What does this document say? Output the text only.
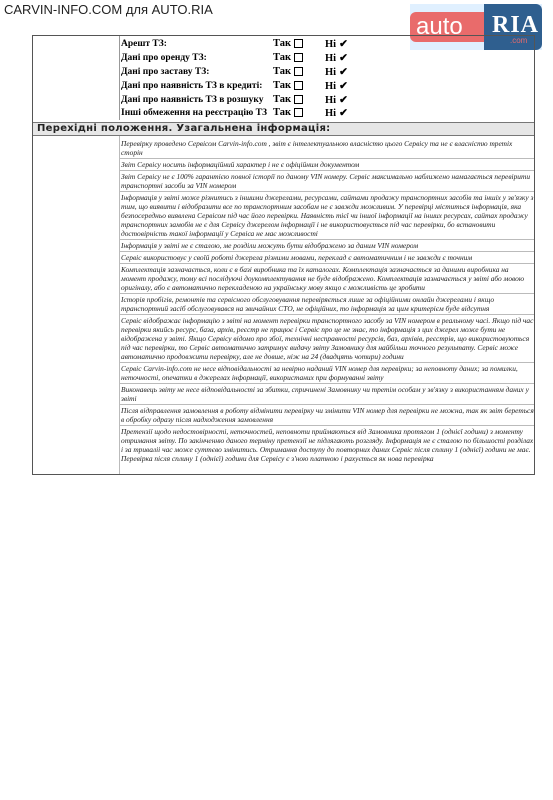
CARVIN-INFO.COM для AUTO.RIA
auto RIA
.com
Арешт ТЗ:	Так	Ні ✔
Дані про оренду ТЗ:	Так	Ні ✔
Дані про заставу ТЗ:	Так	Ні ✔
Дані про наявність ТЗ в кредиті: Так	Ні ✔
Дані про наявність ТЗ в розшуку Так	Ні ✔
Інші обмеження на реєстрацію ТЗ Так	Ні ✔
Перехідні положення. Узагальнена інформація:
Перевірку проведено Сервісом Carvin-info.com , звіт є інтелектуальною власністю цього Сервісу та не є власністю третіх сторін
Звіт Сервісу носить інформаційний характер і не є офіційним документом
Звіт Сервісу не є 100% гарантією повної історії по даному VIN номеру. Сервіс максимально наближено намагається перевірити транспортні засоби за VIN номером
Інформація у звіті може різнитись з іншими джерелами, ресурсами, сайтами продажу транспортних засобів та іншіх у зв'язку з тим, що виявити і відобразити все по транспортним засобам не є завжди можливим. У перевірці міститься інформація, яка безпосередньо виявлена Сервісом під час його перевірки. Наявність тієї чи іншої інформації на інших ресурсах, сайтах продажу транспортних замобів не є для Сервісу джерелом інформації і не використовується під час перевірки, бо встановити достовірність такої інформації у Сервіса не має можливості
Інформація у звіті не є сталою, ме розділи можуть бути відображено за даним VIN номером
Сервіс використовує у своїй роботі джерела різними мовами, переклад є автоматичним і не завжди є точним
Комплектація зазначається, коли є в базі виробника та їх каталогах. Комплектація зазначається за даними виробника на момент продажу, тому всі послідуючі доукомплектування не буде відображено. Комплектація зазначається у звіті або мовою оригіналу, або є автоматично перекладеною на українську мову якщо є можливість це зробити
Історія пробігів, ремонтів та сервісного обслуговування перевіряється лише за офіційними онлайн джерелами і якщо транспортний засіб обслуговувався на звичайних СТО, не офіційних, то інформація за цим критерієм буде відсутня
Сервіс відображає інформацію з звіті на момент перевірки транспортного засобу за VIN номером в реальному часі. Якщо під час перевірки якийсь ресурс, база, архів, реєстр не працює і Сервіс про це не знає, то інформація з цих джерел може бути не відображена у звіті. Якщо Сервісу відомо про збої, технічні несправності ресурсів, баз, архівів, реєстрів, що використовуються під час перевірки, то Сервіс автоматично затримує видачу звіту Замовнику для найбільш точного результату. Сервіс може автоматично продовжити перевірку, але не довше, ніж на 24 (двадцять чотири) години
Сервіс Carvin-info.com не несе відповідальності за невірно наданий VIN номер для перевірки; за неповноту даних; за помилки, неточності, опечатки в джерелах інформації, використаних при формуванні звіту
Виконавець звіту не несе відповідальності за збитки, спричинені Замовнику чи третім особам у зв'язку з використанням даних у звіті
Після відправлення замовлення в роботу відмінити перевірку чи змінити VIN номер для перевірки не можна, так як звіт береться в обробку одразу після надходження замовлення
Претензії щодо недостовірності, неточностей, неповноти приймаються від Замовника протягом 1 (однієї години) з моменту отримання звіту. По закінченню даного терміну претензії не підлягають розгляду. Інформація не є сталою по більшості розділах і за триваліі час може суттєво змінитись. Отримання доступу до повторних даних Сервіс після сплину 1 (однієї) години не має. Перевірка після сплину 1 (однієї) години для Сервісу є з'ною платною і рахується як нова перевірка
